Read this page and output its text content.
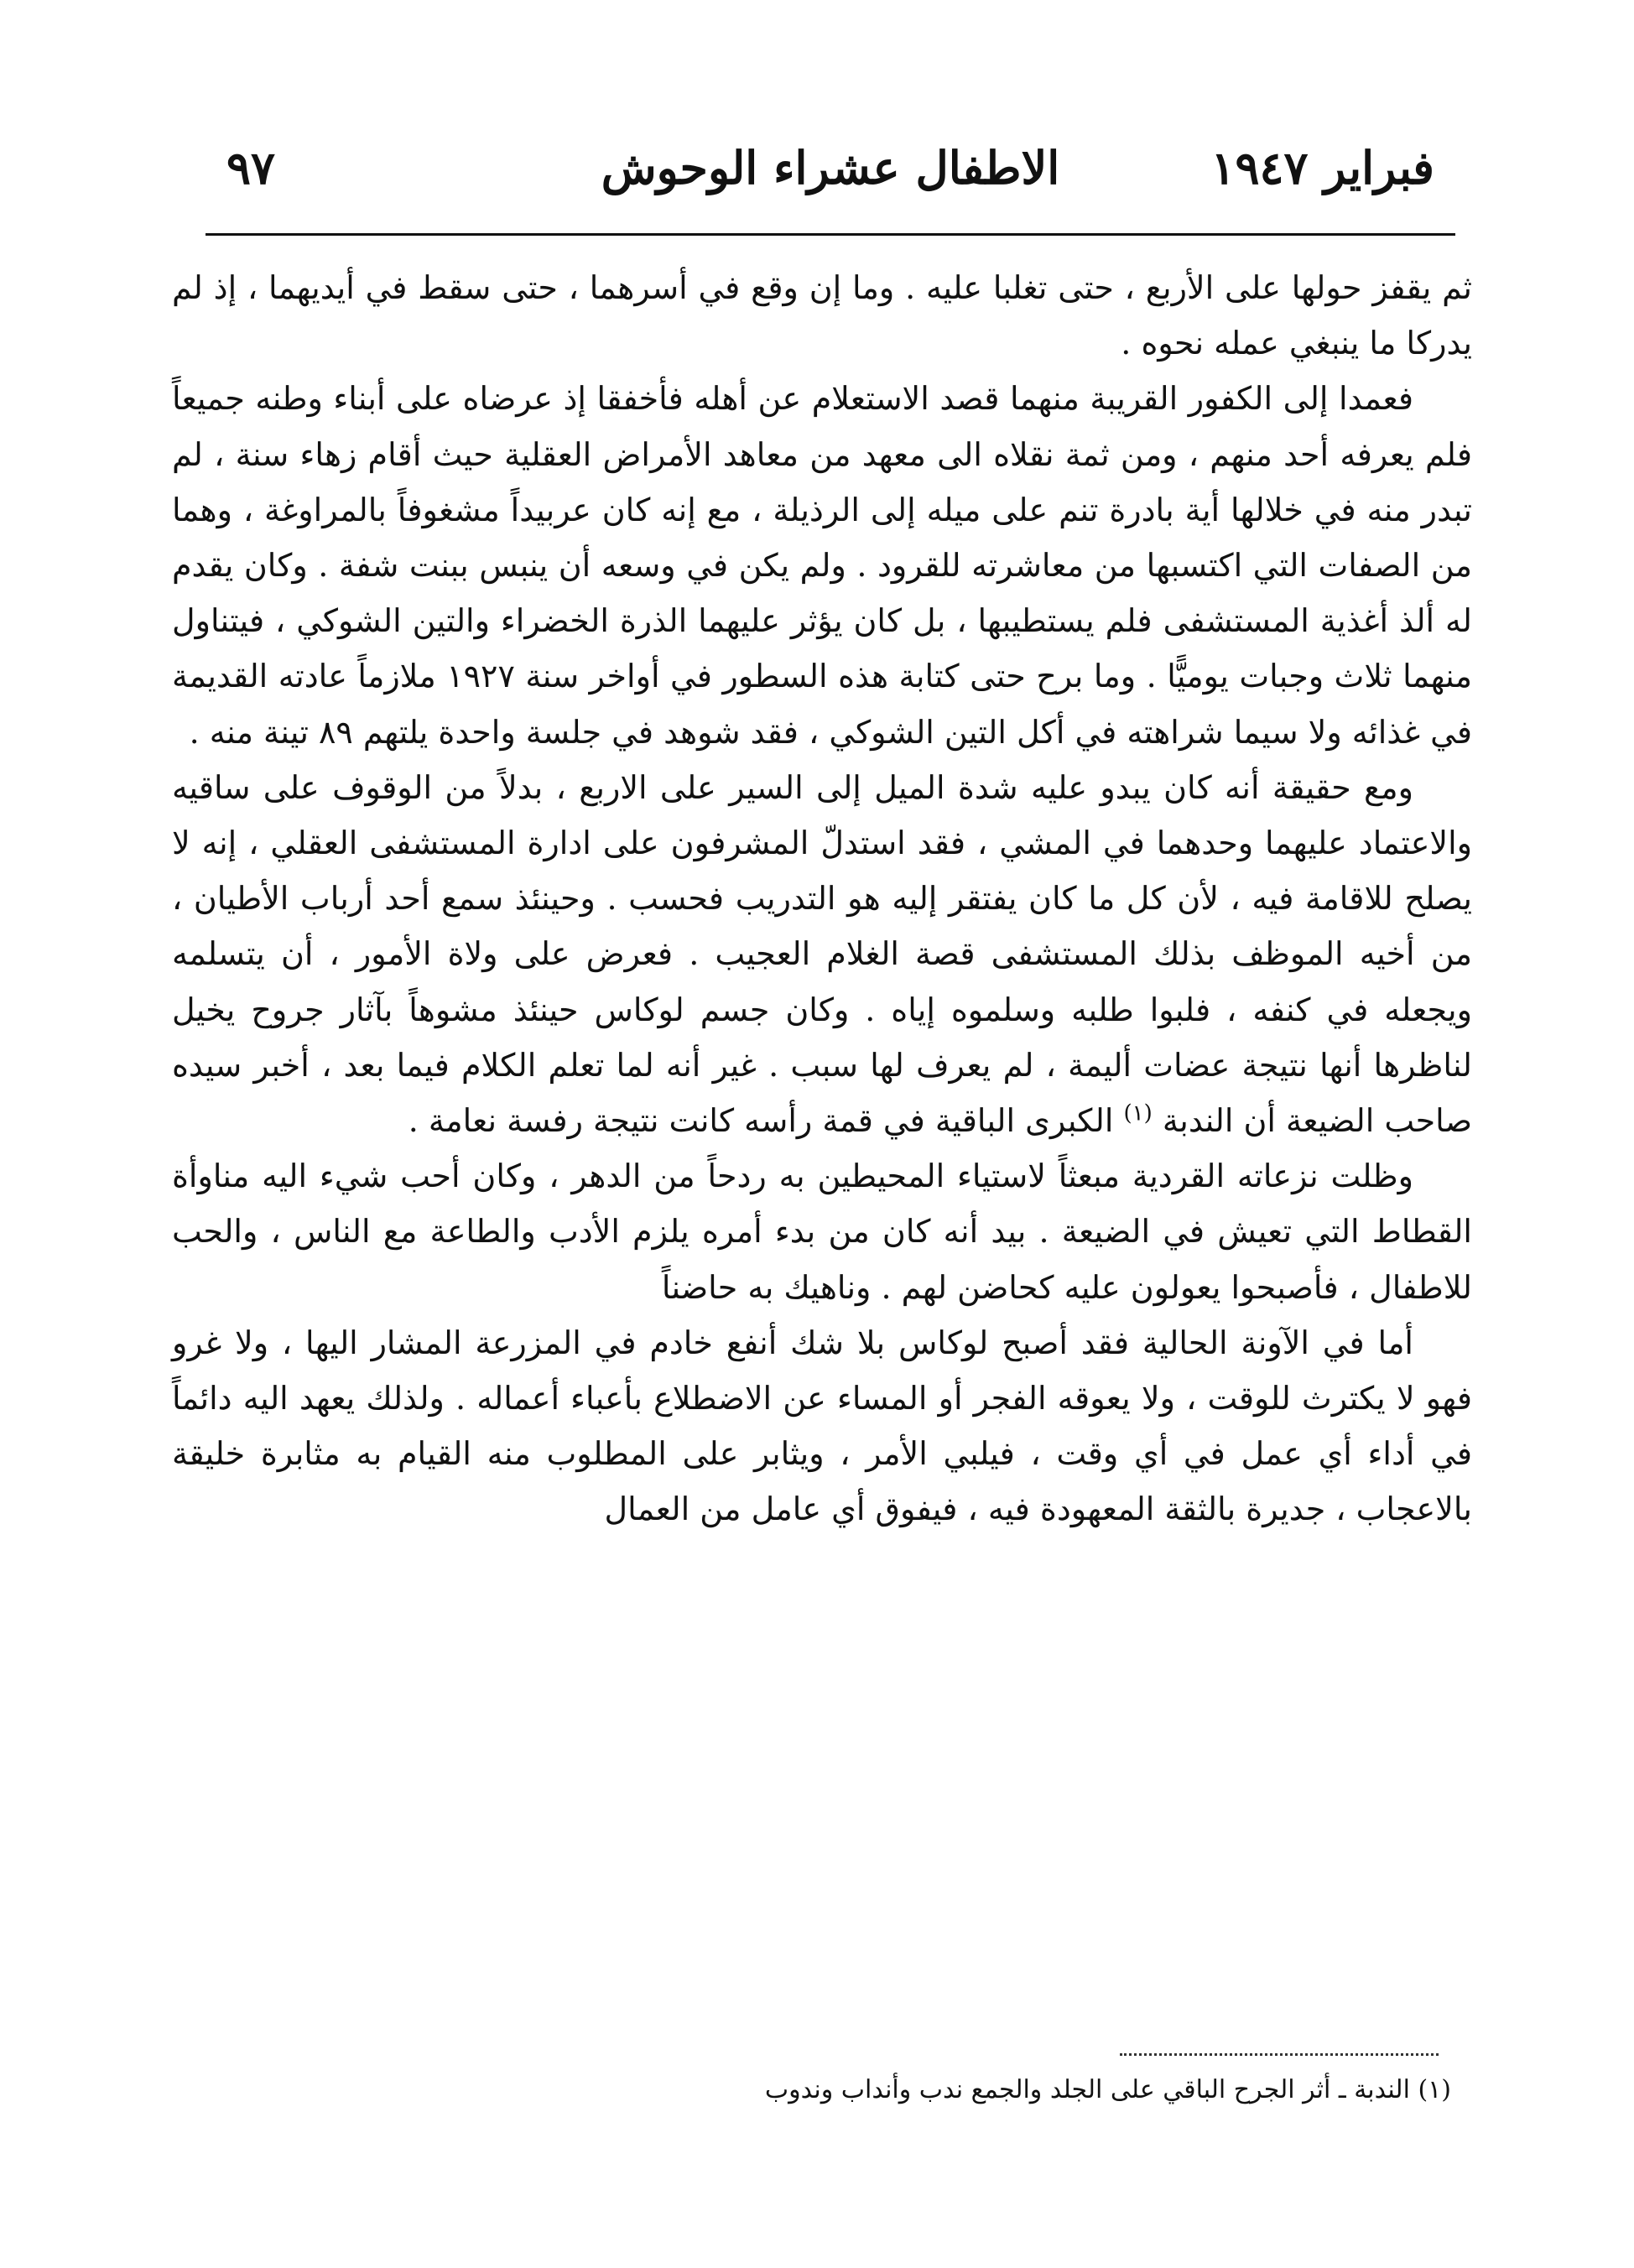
فبراير ١٩٤٧
الاطفال عشراء الوحوش
٩٧

ثم يقفز حولها على الأربع ، حتى تغلبا عليه . وما إن وقع في أسرهما ، حتى سقط في أيديهما ، إذ لم يدركا ما ينبغي عمله نحوه .

فعمدا إلى الكفور القريبة منهما قصد الاستعلام عن أهله فأخفقا إذ عرضاه على أبناء وطنه جميعاً فلم يعرفه أحد منهم ، ومن ثمة نقلاه الى معهد من معاهد الأمراض العقلية حيث أقام زهاء سنة ، لم تبدر منه في خلالها أية بادرة تنم على ميله إلى الرذيلة ، مع إنه كان عربيداً مشغوفاً بالمراوغة ، وهما من الصفات التي اكتسبها من معاشرته للقرود . ولم يكن في وسعه أن ينبس ببنت شفة . وكان يقدم له ألذ أغذية المستشفى فلم يستطيبها ، بل كان يؤثر عليهما الذرة الخضراء والتين الشوكي ، فيتناول منهما ثلاث وجبات يوميًّا . وما برح حتى كتابة هذه السطور في أواخر سنة ١٩٢٧ ملازماً عادته القديمة في غذائه ولا سيما شراهته في أكل التين الشوكي ، فقد شوهد في جلسة واحدة يلتهم ٨٩ تينة منه .

ومع حقيقة أنه كان يبدو عليه شدة الميل إلى السير على الاربع ، بدلاً من الوقوف على ساقيه والاعتماد عليهما وحدهما في المشي ، فقد استدلّ المشرفون على ادارة المستشفى العقلي ، إنه لا يصلح للاقامة فيه ، لأن كل ما كان يفتقر إليه هو التدريب فحسب . وحينئذ سمع أحد أرباب الأطيان ، من أخيه الموظف بذلك المستشفى قصة الغلام العجيب . فعرض على ولاة الأمور ، أن يتسلمه ويجعله في كنفه ، فلبوا طلبه وسلموه إياه . وكان جسم لوكاس حينئذ مشوهاً بآثار جروح يخيل لناظرها أنها نتيجة عضات أليمة ، لم يعرف لها سبب . غير أنه لما تعلم الكلام فيما بعد ، أخبر سيده صاحب الضيعة أن الندبة $^{(١)}$ الكبرى الباقية في قمة رأسه كانت نتيجة رفسة نعامة .

وظلت نزعاته القردية مبعثاً لاستياء المحيطين به ردحاً من الدهر ، وكان أحب شيء اليه مناوأة القطاط التي تعيش في الضيعة . بيد أنه كان من بدء أمره يلزم الأدب والطاعة مع الناس ، والحب للاطفال ، فأصبحوا يعولون عليه كحاضن لهم . وناهيك به حاضناً

أما في الآونة الحالية فقد أصبح لوكاس بلا شك أنفع خادم في المزرعة المشار اليها ، ولا غرو فهو لا يكترث للوقت ، ولا يعوقه الفجر أو المساء عن الاضطلاع بأعباء أعماله . ولذلك يعهد اليه دائماً في أداء أي عمل في أي وقت ، فيلبي الأمر ، ويثابر على المطلوب منه القيام به مثابرة خليقة بالاعجاب ، جديرة بالثقة المعهودة فيه ، فيفوق أي عامل من العمال

(١) الندبة ـ أثر الجرح الباقي على الجلد والجمع ندب وأنداب وندوب
